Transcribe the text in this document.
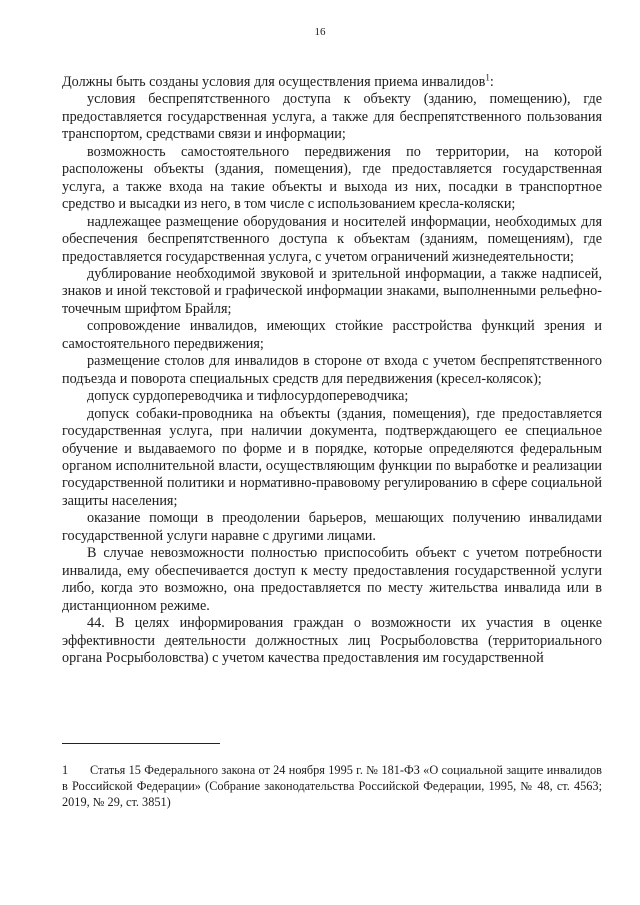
16

Должны быть созданы условия для осуществления приема инвалидов$^1$:

условия беспрепятственного доступа к объекту (зданию, помещению), где предоставляется государственная услуга, а также для беспрепятственного пользования транспортом, средствами связи и информации;

возможность самостоятельного передвижения по территории, на которой расположены объекты (здания, помещения), где предоставляется государственная услуга, а также входа на такие объекты и выхода из них, посадки в транспортное средство и высадки из него, в том числе с использованием кресла-коляски;

надлежащее размещение оборудования и носителей информации, необходимых для обеспечения беспрепятственного доступа к объектам (зданиям, помещениям), где предоставляется государственная услуга, с учетом ограничений жизнедеятельности;

дублирование необходимой звуковой и зрительной информации, а также надписей, знаков и иной текстовой и графической информации знаками, выполненными рельефно-точечным шрифтом Брайля;

сопровождение инвалидов, имеющих стойкие расстройства функций зрения и самостоятельного передвижения;

размещение столов для инвалидов в стороне от входа с учетом беспрепятственного подъезда и поворота специальных средств для передвижения (кресел-колясок);

допуск сурдопереводчика и тифлосурдопереводчика;

допуск собаки-проводника на объекты (здания, помещения), где предоставляется государственная услуга, при наличии документа, подтверждающего ее специальное обучение и выдаваемого по форме и в порядке, которые определяются федеральным органом исполнительной власти, осуществляющим функции по выработке и реализации государственной политики и нормативно-правовому регулированию в сфере социальной защиты населения;

оказание помощи в преодолении барьеров, мешающих получению инвалидами государственной услуги наравне с другими лицами.

В случае невозможности полностью приспособить объект с учетом потребности инвалида, ему обеспечивается доступ к месту предоставления государственной услуги либо, когда это возможно, она предоставляется по месту жительства инвалида или в дистанционном режиме.

44. В целях информирования граждан о возможности их участия в оценке эффективности деятельности должностных лиц Росрыболовства (территориального органа Росрыболовства) с учетом качества предоставления им государственной

1 Статья 15 Федерального закона от 24 ноября 1995 г. № 181-ФЗ «О социальной защите инвалидов в Российской Федерации» (Собрание законодательства Российской Федерации, 1995, № 48, ст. 4563; 2019, № 29, ст. 3851)
